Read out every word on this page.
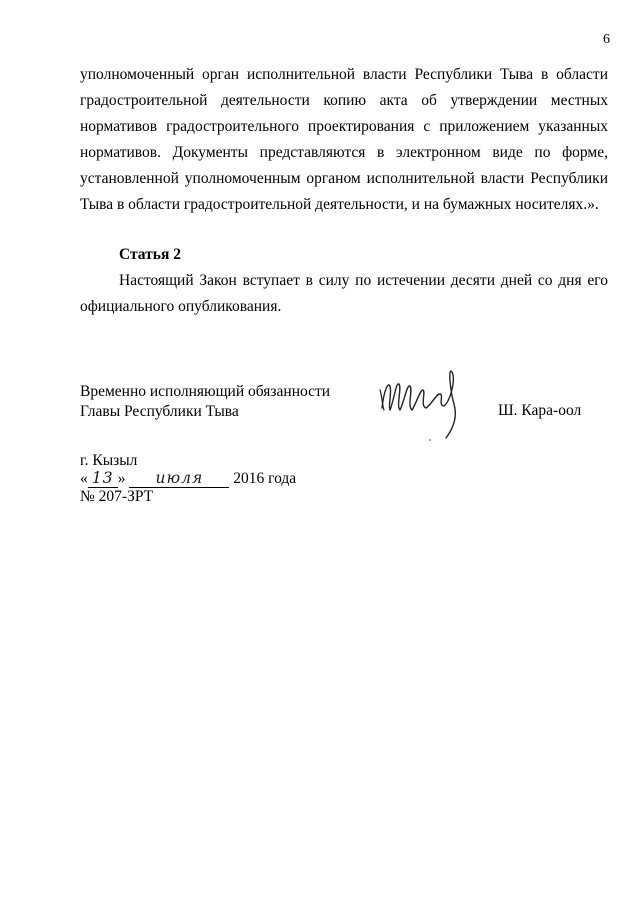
6
уполномоченный орган исполнительной власти Республики Тыва в области градостроительной деятельности копию акта об утверждении местных нормативов градостроительного проектирования с приложением указанных нормативов. Документы представляются в электронном виде по форме, установленной уполномоченным органом исполнительной власти Республики Тыва в области градостроительной деятельности, и на бумажных носителях.».
Статья 2
Настоящий Закон вступает в силу по истечении десяти дней со дня его официального опубликования.
Временно исполняющий обязанности
Главы Республики Тыва	Ш. Кара-оол
г. Кызыл
« 13 » июля 2016 года
№ 207-ЗРТ
